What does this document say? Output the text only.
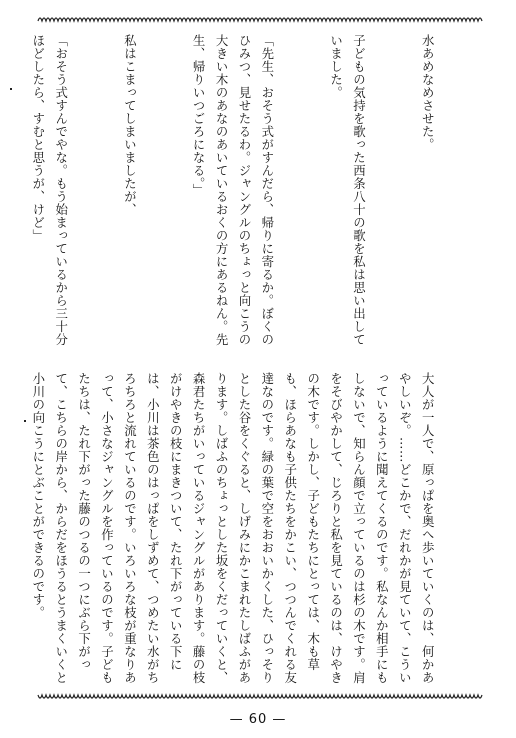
水あめなめさせた。

子どもの気持を歌った西条八十の歌を私は思い出していました。

「先生、おそう式がすんだら、帰りに寄るか。ぼくのひみつ、見せたるわ。ジャングルのちょっと向こうの大きい木のあなのあいているおくの方にあるねん。先生、帰りいつごろになる。」

私はこまってしまいましたが、

「おそう式すんでやな。もう始まっているから三十分ほどしたら、すむと思うが、けど」

大人が一人で、原っぱを奥へ歩いていくのは、何かあやしいぞ。……どこかで、だれかが見ていて、こういっているように聞えてくるのです。私なんか相手にもしないで、知らん顔で立っているのは杉の木です。肩をそびやかして、じろりと私を見ているのは、けやきの木です。しかし、子どもたちにとっては、木も草も、ほらあなも子供たちをかこい、つつんでくれる友達なのです。緑の葉で空をおおいかくした、ひっそりとした谷をくぐると、しげみにかこまれたしばふがあります。しばふのちょっとした坂をくだっていくと、森君たちがいっているジャングルがあります。藤の枝がけやきの枝にまきついて、たれ下がっている下には、小川は茶色のはっぱをしずめて、つめたい水がちろちろと流れているのです。いろいろな枝が重なりあって、小さなジャングルを作っているのです。子どもたちは、たれ下がった藤のつるの一つにぶら下がって、こちらの岸から、からだをほうるとうまくいくと小川の向こうにとぶことができるのです。

— 60 —
